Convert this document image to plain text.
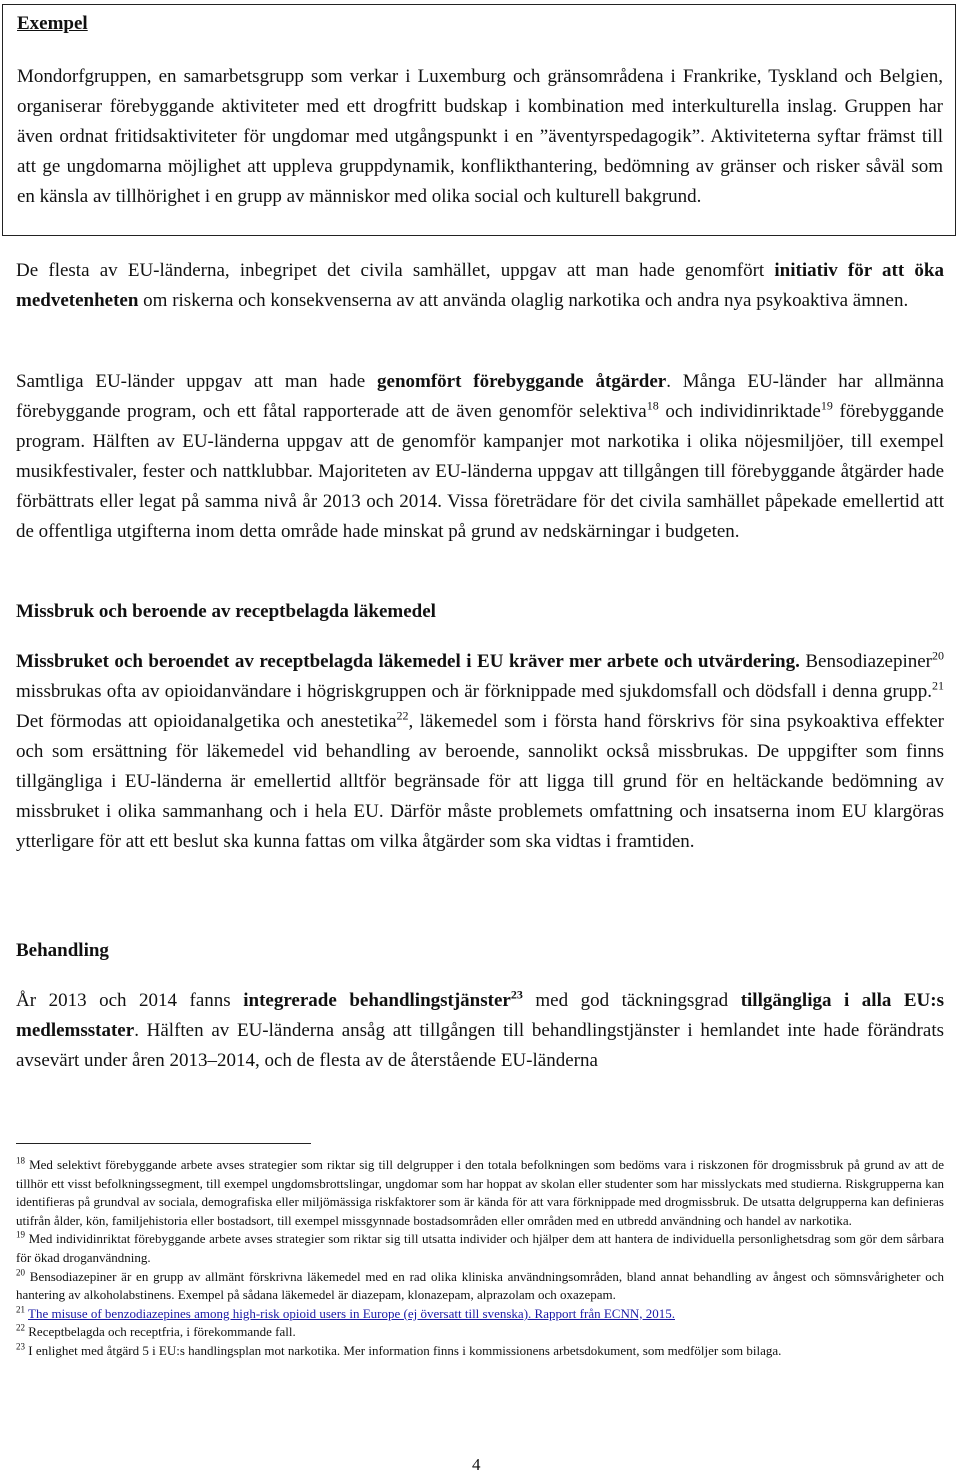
Exempel

Mondorfgruppen, en samarbetsgrupp som verkar i Luxemburg och gränsområdena i Frankrike, Tyskland och Belgien, organiserar förebyggande aktiviteter med ett drogfritt budskap i kombination med interkulturella inslag. Gruppen har även ordnat fritidsaktiviteter för ungdomar med utgångspunkt i en ”äventyrspedagogik”. Aktiviteterna syftar främst till att ge ungdomarna möjlighet att uppleva gruppdynamik, konflikthantering, bedömning av gränser och risker såväl som en känsla av tillhörighet i en grupp av människor med olika social och kulturell bakgrund.

De flesta av EU-länderna, inbegripet det civila samhället, uppgav att man hade genomfört initiativ för att öka medvetenheten om riskerna och konsekvenserna av att använda olaglig narkotika och andra nya psykoaktiva ämnen.

Samtliga EU-länder uppgav att man hade genomfört förebyggande åtgärder. Många EU-länder har allmänna förebyggande program, och ett fåtal rapporterade att de även genomför selektiva$^{18}$ och individinriktade$^{19}$ förebyggande program. Hälften av EU-länderna uppgav att de genomför kampanjer mot narkotika i olika nöjesmiljöer, till exempel musikfestivaler, fester och nattklubbar. Majoriteten av EU-länderna uppgav att tillgången till förebyggande åtgärder hade förbättrats eller legat på samma nivå år 2013 och 2014. Vissa företrädare för det civila samhället påpekade emellertid att de offentliga utgifterna inom detta område hade minskat på grund av nedskärningar i budgeten.

Missbruk och beroende av receptbelagda läkemedel

Missbruket och beroendet av receptbelagda läkemedel i EU kräver mer arbete och utvärdering. Bensodiazepiner$^{20}$ missbrukas ofta av opioidanvändare i högriskgruppen och är förknippade med sjukdomsfall och dödsfall i denna grupp.$^{21}$ Det förmodas att opioidanalgetika och anestetika$^{22}$, läkemedel som i första hand förskrivs för sina psykoaktiva effekter och som ersättning för läkemedel vid behandling av beroende, sannolikt också missbrukas. De uppgifter som finns tillgängliga i EU-länderna är emellertid alltför begränsade för att ligga till grund för en heltäckande bedömning av missbruket i olika sammanhang och i hela EU. Därför måste problemets omfattning och insatserna inom EU klargöras ytterligare för att ett beslut ska kunna fattas om vilka åtgärder som ska vidtas i framtiden.

Behandling

År 2013 och 2014 fanns integrerade behandlingstjänster$^{23}$ med god täckningsgrad tillgängliga i alla EU:s medlemsstater. Hälften av EU-länderna ansåg att tillgången till behandlingstjänster i hemlandet inte hade förändrats avsevärt under åren 2013–2014, och de flesta av de återstående EU-länderna

$^{18}$ Med selektivt förebyggande arbete avses strategier som riktar sig till delgrupper i den totala befolkningen som bedöms vara i riskzonen för drogmissbruk på grund av att de tillhör ett visst befolkningssegment, till exempel ungdomsbrottslingar, ungdomar som har hoppat av skolan eller studenter som har misslyckats med studierna. Riskgrupperna kan identifieras på grundval av sociala, demografiska eller miljömässiga riskfaktorer som är kända för att vara förknippade med drogmissbruk. De utsatta delgrupperna kan definieras utifrån ålder, kön, familjehistoria eller bostadsort, till exempel missgynnade bostadsområden eller områden med en utbredd användning och handel av narkotika.

$^{19}$ Med individinriktat förebyggande arbete avses strategier som riktar sig till utsatta individer och hjälper dem att hantera de individuella personlighetsdrag som gör dem sårbara för ökad droganvändning.

$^{20}$ Bensodiazepiner är en grupp av allmänt förskrivna läkemedel med en rad olika kliniska användningsområden, bland annat behandling av ångest och sömnsvårigheter och hantering av alkoholabstinens. Exempel på sådana läkemedel är diazepam, klonazepam, alprazolam och oxazepam.

$^{21}$ The misuse of benzodiazepines among high-risk opioid users in Europe (ej översatt till svenska). Rapport från ECNN, 2015.

$^{22}$ Receptbelagda och receptfria, i förekommande fall.

$^{23}$ I enlighet med åtgärd 5 i EU:s handlingsplan mot narkotika. Mer information finns i kommissionens arbetsdokument, som medföljer som bilaga.

4
